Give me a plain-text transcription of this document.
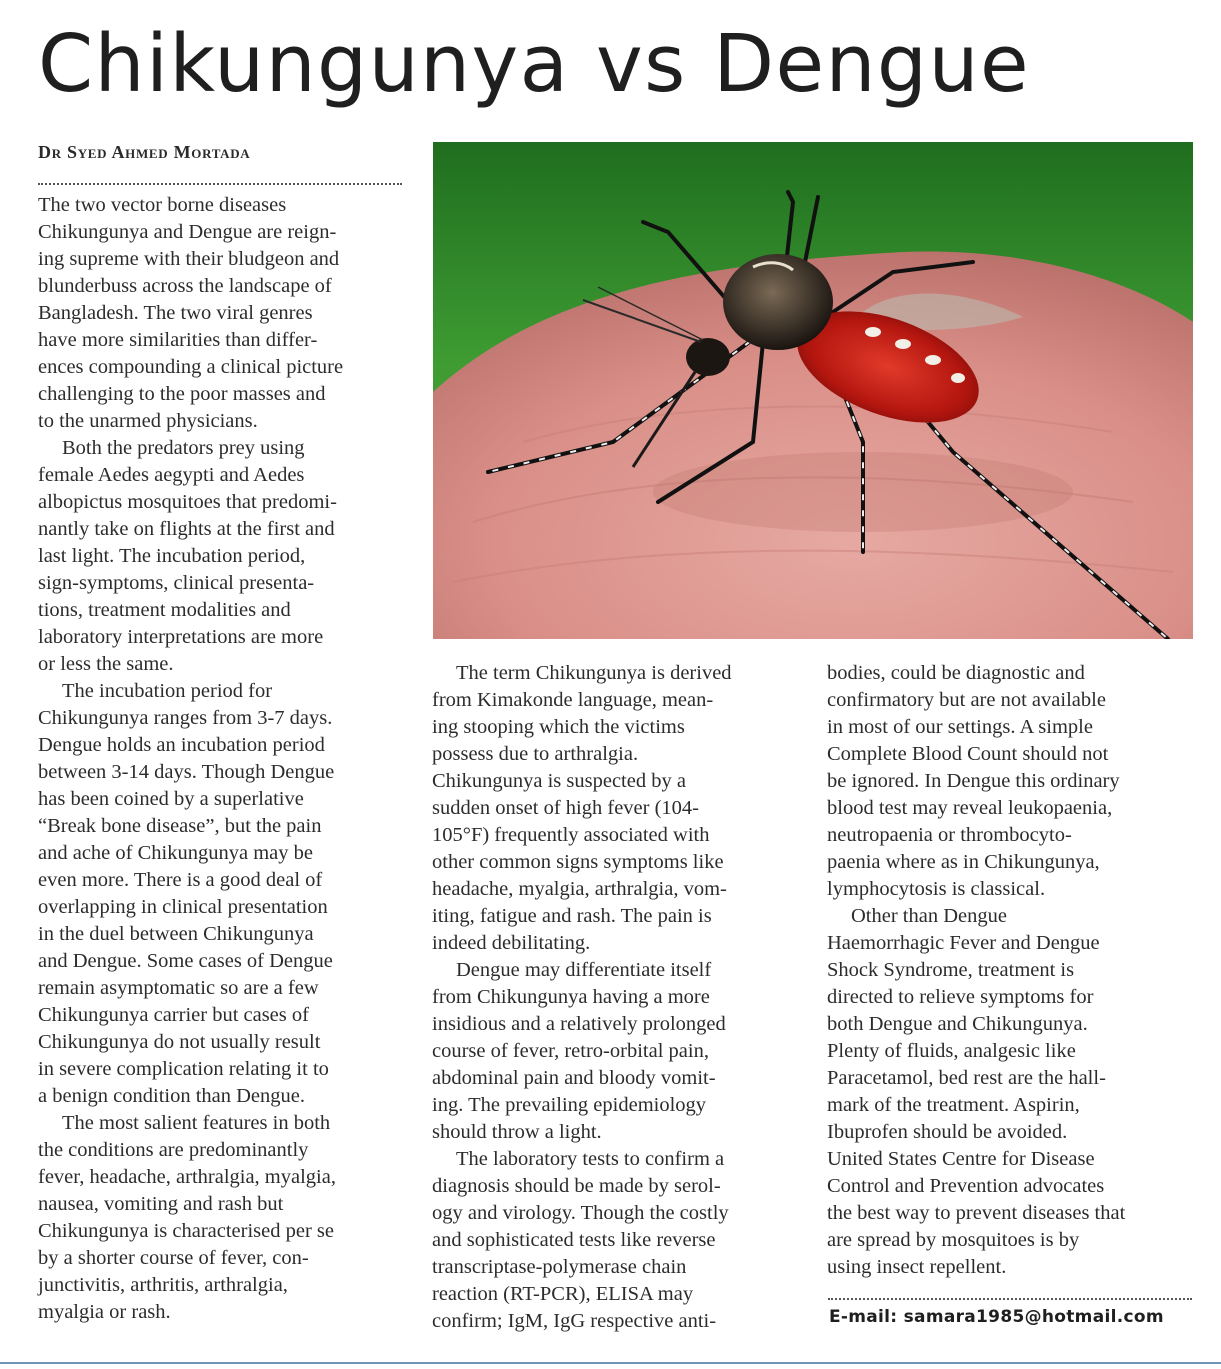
Chikungunya vs Dengue
Dr Syed Ahmed Mortada

The two vector borne diseases
Chikungunya and Dengue are reign-
ing supreme with their bludgeon and
blunderbuss across the landscape of
Bangladesh. The two viral genres
have more similarities than differ-
ences compounding a clinical picture
challenging to the poor masses and
to the unarmed physicians.

Both the predators prey using
female Aedes aegypti and Aedes
albopictus mosquitoes that predomi-
nantly take on flights at the first and
last light. The incubation period,
sign-symptoms, clinical presenta-
tions, treatment modalities and
laboratory interpretations are more
or less the same.

The incubation period for
Chikungunya ranges from 3-7 days.
Dengue holds an incubation period
between 3-14 days. Though Dengue
has been coined by a superlative
“Break bone disease”, but the pain
and ache of Chikungunya may be
even more. There is a good deal of
overlapping in clinical presentation
in the duel between Chikungunya
and Dengue. Some cases of Dengue
remain asymptomatic so are a few
Chikungunya carrier but cases of
Chikungunya do not usually result
in severe complication relating it to
a benign condition than Dengue.

The most salient features in both
the conditions are predominantly
fever, headache, arthralgia, myalgia,
nausea, vomiting and rash but
Chikungunya is characterised per se
by a shorter course of fever, con-
junctivitis, arthritis, arthralgia,
myalgia or rash.

The term Chikungunya is derived
from Kimakonde language, mean-
ing stooping which the victims
possess due to arthralgia.
Chikungunya is suspected by a
sudden onset of high fever (104-
105°F) frequently associated with
other common signs symptoms like
headache, myalgia, arthralgia, vom-
iting, fatigue and rash. The pain is
indeed debilitating.

Dengue may differentiate itself
from Chikungunya having a more
insidious and a relatively prolonged
course of fever, retro-orbital pain,
abdominal pain and bloody vomit-
ing. The prevailing epidemiology
should throw a light.

The laboratory tests to confirm a
diagnosis should be made by serol-
ogy and virology. Though the costly
and sophisticated tests like reverse
transcriptase-polymerase chain
reaction (RT-PCR), ELISA may
confirm; IgM, IgG respective anti-

bodies, could be diagnostic and
confirmatory but are not available
in most of our settings. A simple
Complete Blood Count should not
be ignored. In Dengue this ordinary
blood test may reveal leukopaenia,
neutropaenia or thrombocyto-
paenia where as in Chikungunya,
lymphocytosis is classical.

Other than Dengue
Haemorrhagic Fever and Dengue
Shock Syndrome, treatment is
directed to relieve symptoms for
both Dengue and Chikungunya.
Plenty of fluids, analgesic like
Paracetamol, bed rest are the hall-
mark of the treatment. Aspirin,
Ibuprofen should be avoided.
United States Centre for Disease
Control and Prevention advocates
the best way to prevent diseases that
are spread by mosquitoes is by
using insect repellent.

E-mail: samara1985@hotmail.com
